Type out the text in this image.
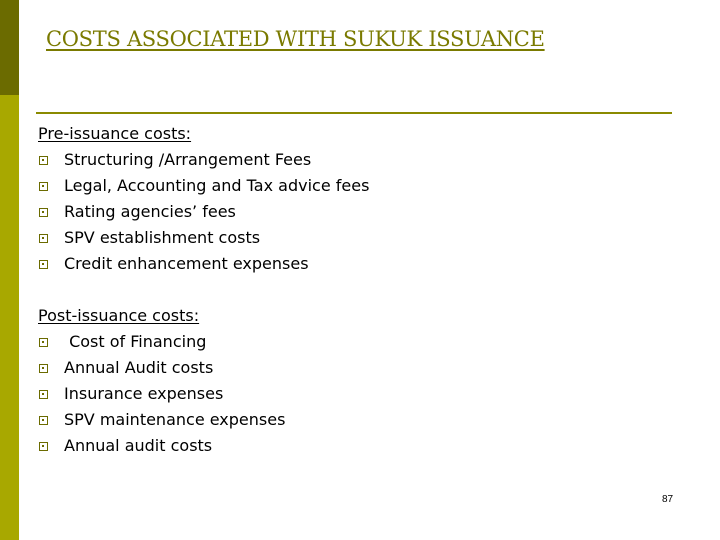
COSTS ASSOCIATED WITH SUKUK ISSUANCE
Pre-issuance costs:
Structuring /Arrangement Fees
Legal, Accounting and Tax advice fees
Rating agencies’ fees
SPV establishment costs
Credit enhancement expenses
Post-issuance costs:
Cost of Financing
Annual Audit costs
Insurance expenses
SPV maintenance expenses
Annual audit costs
87
